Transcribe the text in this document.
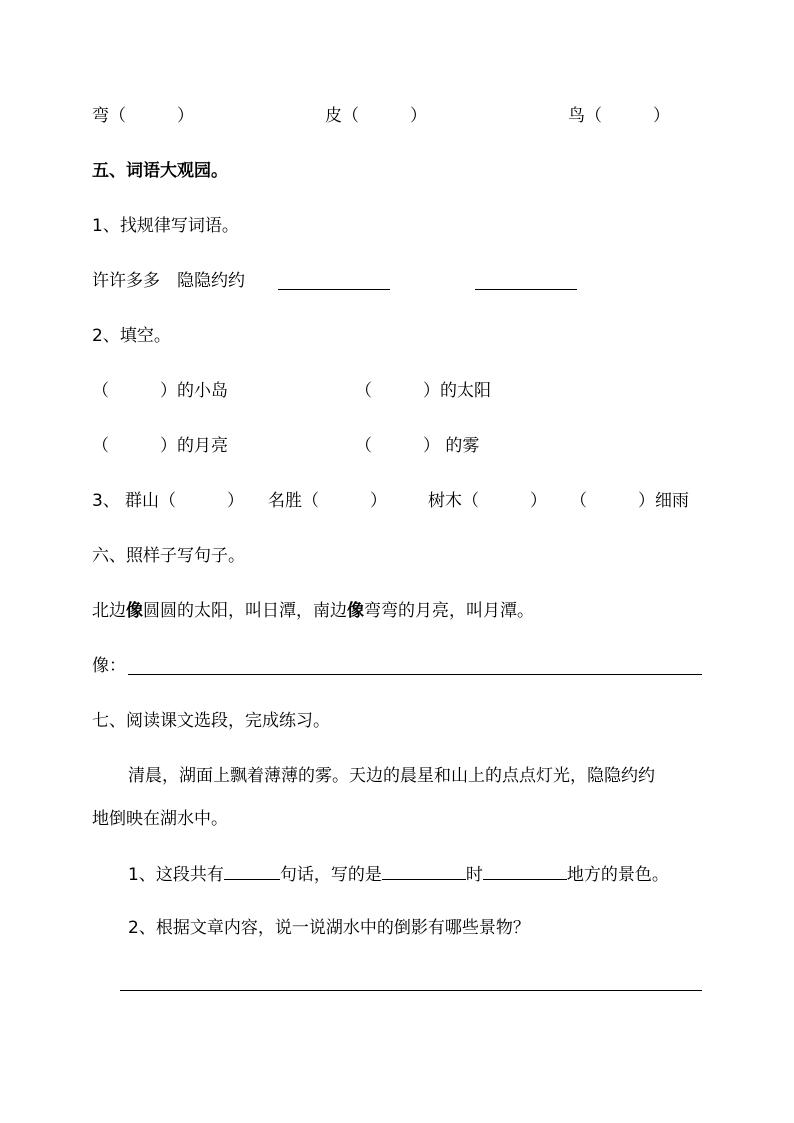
弯（　　　）	皮（　　　）	鸟（　　　）
五、词语大观园。
1、找规律写词语。
许许多多　隐隐约约
2、填空。
（　　　）的小岛	（　　　）的太阳
（　　　）的月亮	（　　　） 的雾
3、 群山（　　　） 名胜（　　　） 树木（　　　） （　　　）细雨
六、照样子写句子。
北边像圆圆的太阳，叫日潭，南边像弯弯的月亮，叫月潭。
像：
七、阅读课文选段，完成练习。
清晨，湖面上飘着薄薄的雾。天边的晨星和山上的点点灯光，隐隐约约
地倒映在湖水中。
1、这段共有	句话，写的是	时	地方的景色。
2、根据文章内容，说一说湖水中的倒影有哪些景物？
